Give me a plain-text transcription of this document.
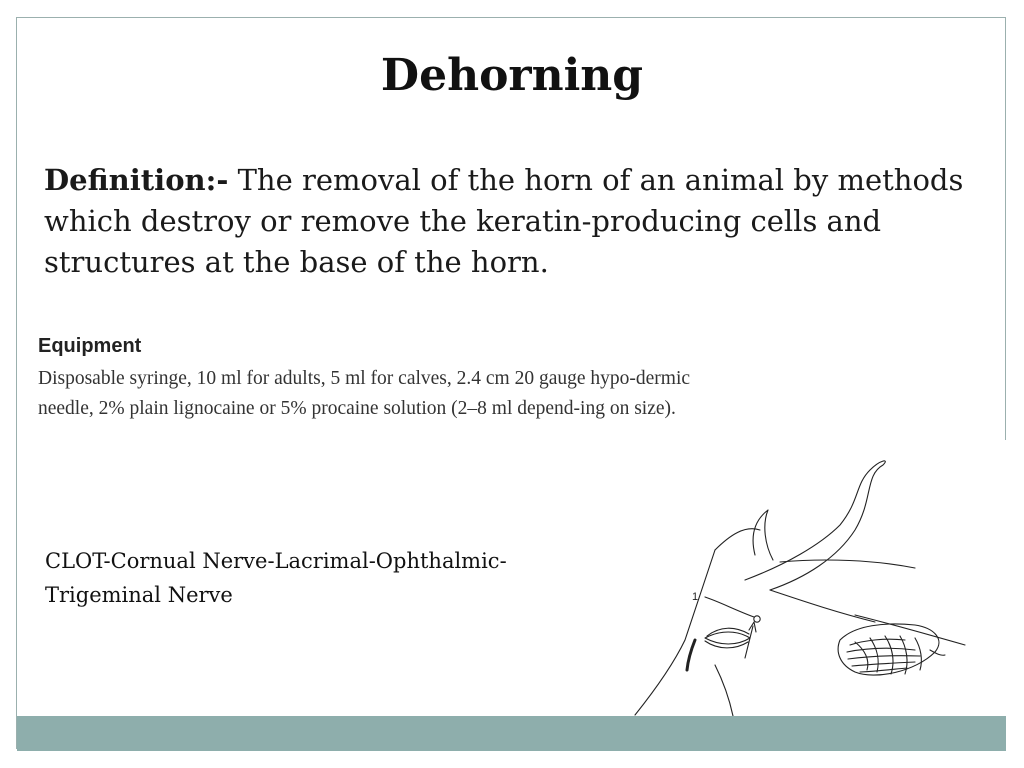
Dehorning
Definition:- The removal of the horn of an animal by methods which destroy or remove the keratin-producing cells and structures at the base of the horn.
Equipment
Disposable syringe, 10 ml for adults, 5 ml for calves, 2.4 cm 20 gauge hypo-dermic needle, 2% plain lignocaine or 5% procaine solution (2–8 ml depend-ing on size).
CLOT-Cornual Nerve-Lacrimal-Ophthalmic-Trigeminal Nerve	1
